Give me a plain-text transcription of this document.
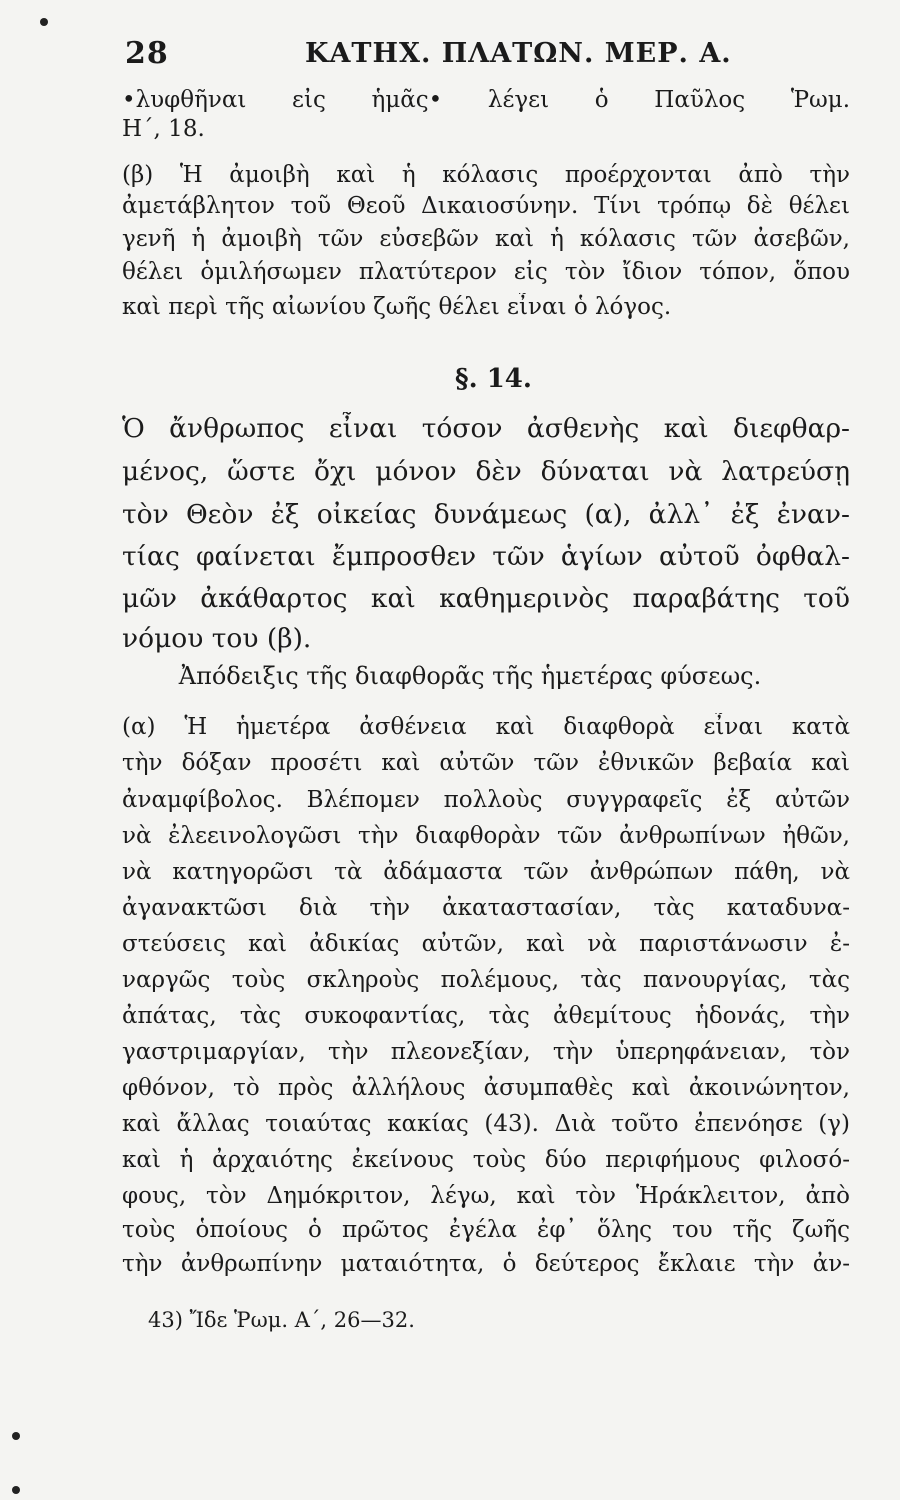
28	ΚΑΤΗΧ. ΠΛΑΤΩΝ. ΜΕΡ. Α.
•λυφθῆναι εἰς ἡμᾶς• λέγει ὁ Παῦλος Ῥωμ.
Η΄, 18.
(β) Ἡ ἀμοιβὴ καὶ ἡ κόλασις προέρχονται ἀπὸ τὴν
ἀμετάβλητον τοῦ Θεοῦ Δικαιοσύνην. Τίνι τρόπῳ δὲ θέλει
γενῆ ἡ ἀμοιβὴ τῶν εὐσεβῶν καὶ ἡ κόλασις τῶν ἀσεβῶν,
θέλει ὁμιλήσωμεν πλατύτερον εἰς τὸν ἴδιον τόπον, ὅπου
καὶ περὶ τῆς αἰωνίου ζωῆς θέλει εἶναι ὁ λόγος.
§. 14.
Ὁ ἄνθρωπος εἶναι τόσον ἀσθενὴς καὶ διεφθαρ-
μένος, ὥστε ὄχι μόνον δὲν δύναται νὰ λατρεύσῃ
τὸν Θεὸν ἐξ οἰκείας δυνάμεως (α), ἀλλ᾽ ἐξ ἐναν-
τίας φαίνεται ἔμπροσθεν τῶν ἁγίων αὐτοῦ ὀφθαλ-
μῶν ἀκάθαρτος καὶ καθημερινὸς παραβάτης τοῦ
νόμου του (β).
Ἀπόδειξις τῆς διαφθορᾶς τῆς ἡμετέρας φύσεως.
(α) Ἡ ἡμετέρα ἀσθένεια καὶ διαφθορὰ εἶναι κατὰ
τὴν δόξαν προσέτι καὶ αὐτῶν τῶν ἐθνικῶν βεβαία καὶ
ἀναμφίβολος. Βλέπομεν πολλοὺς συγγραφεῖς ἐξ αὐτῶν
νὰ ἐλεεινολογῶσι τὴν διαφθορὰν τῶν ἀνθρωπίνων ἠθῶν,
νὰ κατηγορῶσι τὰ ἀδάμαστα τῶν ἀνθρώπων πάθη, νὰ
ἀγανακτῶσι διὰ τὴν ἀκαταστασίαν, τὰς καταδυνα-
στεύσεις καὶ ἀδικίας αὐτῶν, καὶ νὰ παριστάνωσιν ἐ-
ναργῶς τοὺς σκληροὺς πολέμους, τὰς πανουργίας, τὰς
ἀπάτας, τὰς συκοφαντίας, τὰς ἀθεμίτους ἡδονάς, τὴν
γαστριμαργίαν, τὴν πλεονεξίαν, τὴν ὑπερηφάνειαν, τὸν
φθόνον, τὸ πρὸς ἀλλήλους ἀσυμπαθὲς καὶ ἀκοινώνητον,
καὶ ἄλλας τοιαύτας κακίας (43). Διὰ τοῦτο ἐπενόησε (γ)
καὶ ἡ ἀρχαιότης ἐκείνους τοὺς δύο περιφήμους φιλοσό-
φους, τὸν Δημόκριτον, λέγω, καὶ τὸν Ἡράκλειτον, ἀπὸ
τοὺς ὁποίους ὁ πρῶτος ἐγέλα ἐφ᾽ ὅλης του τῆς ζωῆς
τὴν ἀνθρωπίνην ματαιότητα, ὁ δεύτερος ἔκλαιε τὴν ἀν-
43) Ἴδε Ῥωμ. Α΄, 26—32.
